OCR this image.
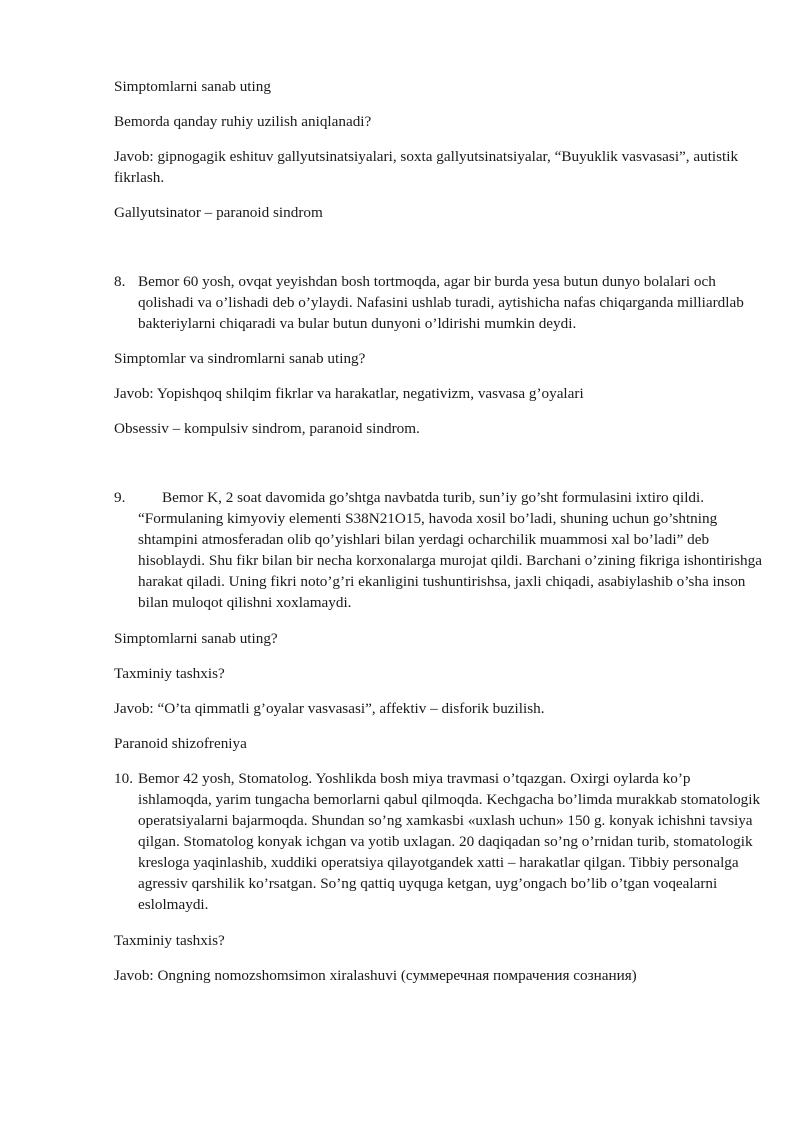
Simptomlarni sanab uting

Bemorda qanday ruhiy uzilish aniqlanadi?

Javob: gipnogagik eshituv gallyutsinatsiyalari, soxta gallyutsinatsiyalar, “Buyuklik vasvasasi”, autistik fikrlash.

Gallyutsinator – paranoid sindrom

8. Bemor 60 yosh, ovqat yeyishdan bosh tortmoqda, agar bir burda yesa butun dunyo bolalari och qolishadi va o’lishadi deb o’ylaydi. Nafasini ushlab turadi, aytishicha nafas chiqarganda milliardlab bakteriylarni chiqaradi va bular butun dunyoni o’ldirishi mumkin deydi.

Simptomlar va sindromlarni sanab uting?

Javob: Yopishqoq shilqim fikrlar va harakatlar, negativizm, vasvasa g’oyalari

Obsessiv – kompulsiv sindrom, paranoid sindrom.

9.	Bemor K, 2 soat davomida go’shtga navbatda turib, sun’iy go’sht formulasini ixtiro qildi. “Formulaning kimyoviy elementi S38N21O15, havoda xosil bo’ladi, shuning uchun go’shtning shtampini atmosferadan olib qo’yishlari bilan yerdagi ocharchilik muammosi xal bo’ladi” deb hisoblaydi. Shu fikr bilan bir necha korxonalarga murojat qildi. Barchani o’zining fikriga ishontirishga harakat qiladi. Uning fikri noto’g’ri ekanligini tushuntirishsa, jaxli chiqadi, asabiylashib o’sha inson bilan muloqot qilishni xoxlamaydi.

Simptomlarni sanab uting?

Taxminiy tashxis?

Javob: “O’ta qimmatli g’oyalar vasvasasi”, affektiv – disforik buzilish.

Paranoid shizofreniya

10. Bemor 42 yosh, Stomatolog. Yoshlikda bosh miya travmasi o’tqazgan. Oxirgi oylarda ko’p ishlamoqda, yarim tungacha bemorlarni qabul qilmoqda. Kechgacha bo’limda murakkab stomatologik operatsiyalarni bajarmoqda. Shundan so’ng xamkasbi «uxlash uchun» 150 g. konyak ichishni tavsiya qilgan. Stomatolog konyak ichgan va yotib uxlagan. 20 daqiqadan so’ng o’rnidan turib, stomatologik kresloga yaqinlashib, xuddiki operatsiya qilayotgandek xatti – harakatlar qilgan. Tibbiy personalga agressiv qarshilik ko’rsatgan. So’ng qattiq uyquga ketgan, uyg’ongach bo’lib o’tgan voqealarni eslolmaydi.

Taxminiy tashxis?

Javob: Ongning nomozshomsimon xiralashuvi (суммеречная помрачения сознания)
